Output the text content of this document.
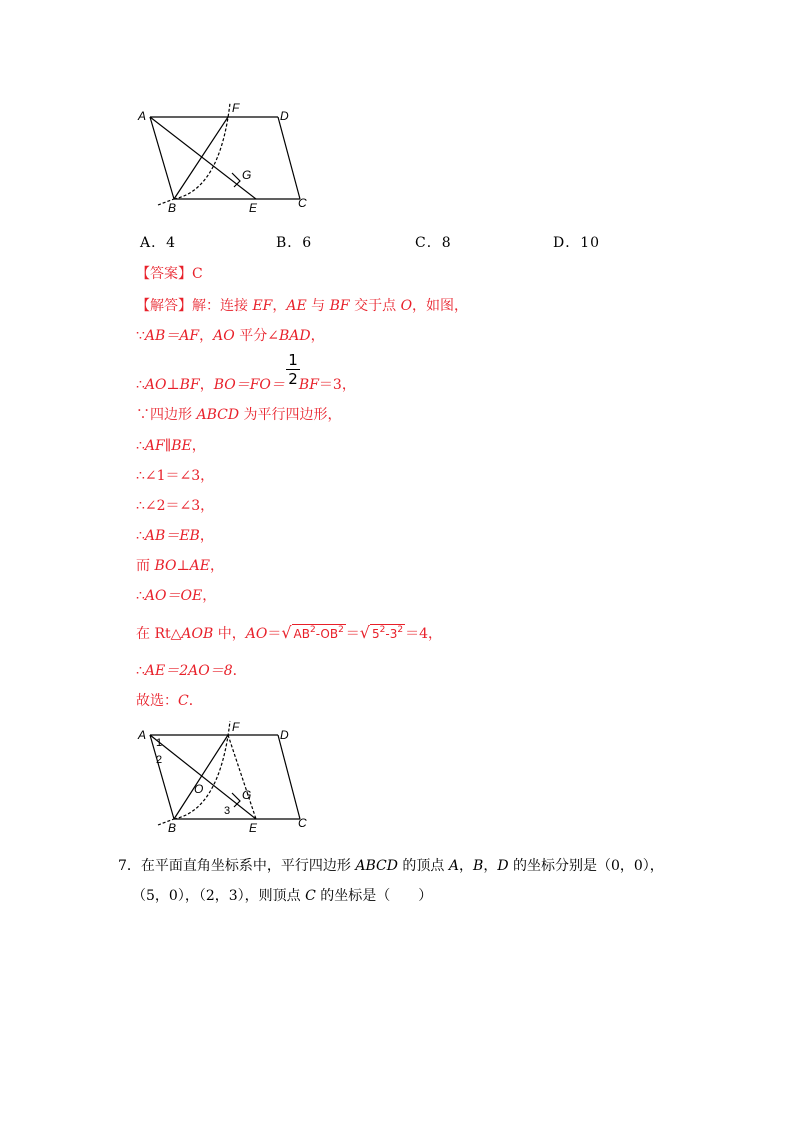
A
F
D
G
B	E	C
A．4	B．6	C．8	D．10
【答案】C
【解答】解：连接 EF，AE 与 BF 交于点 O，如图，
∵AB＝AF，AO 平分∠BAD，
1
2
∴AO⊥BF，BO＝FO＝ BF＝3，
∵四边形 ABCD 为平行四边形，
∴AF∥BE，
∴∠1＝∠3，
∴∠2＝∠3，
∴AB＝EB，
而 BO⊥AE，
∴AO＝OE，
在 Rt△AOB 中，AO＝√ $AB^2-OB^2$ ＝√ $5^2-3^2 =4$，
∴AE＝2AO＝8．
故选：C．
A
1
2
F
D
O	G
3
B	E	C
7．在平面直角坐标系中，平行四边形 ABCD 的顶点 A，B，D 的坐标分别是（0，0），
（5，0），（2，3），则顶点 C 的坐标是（　　）
